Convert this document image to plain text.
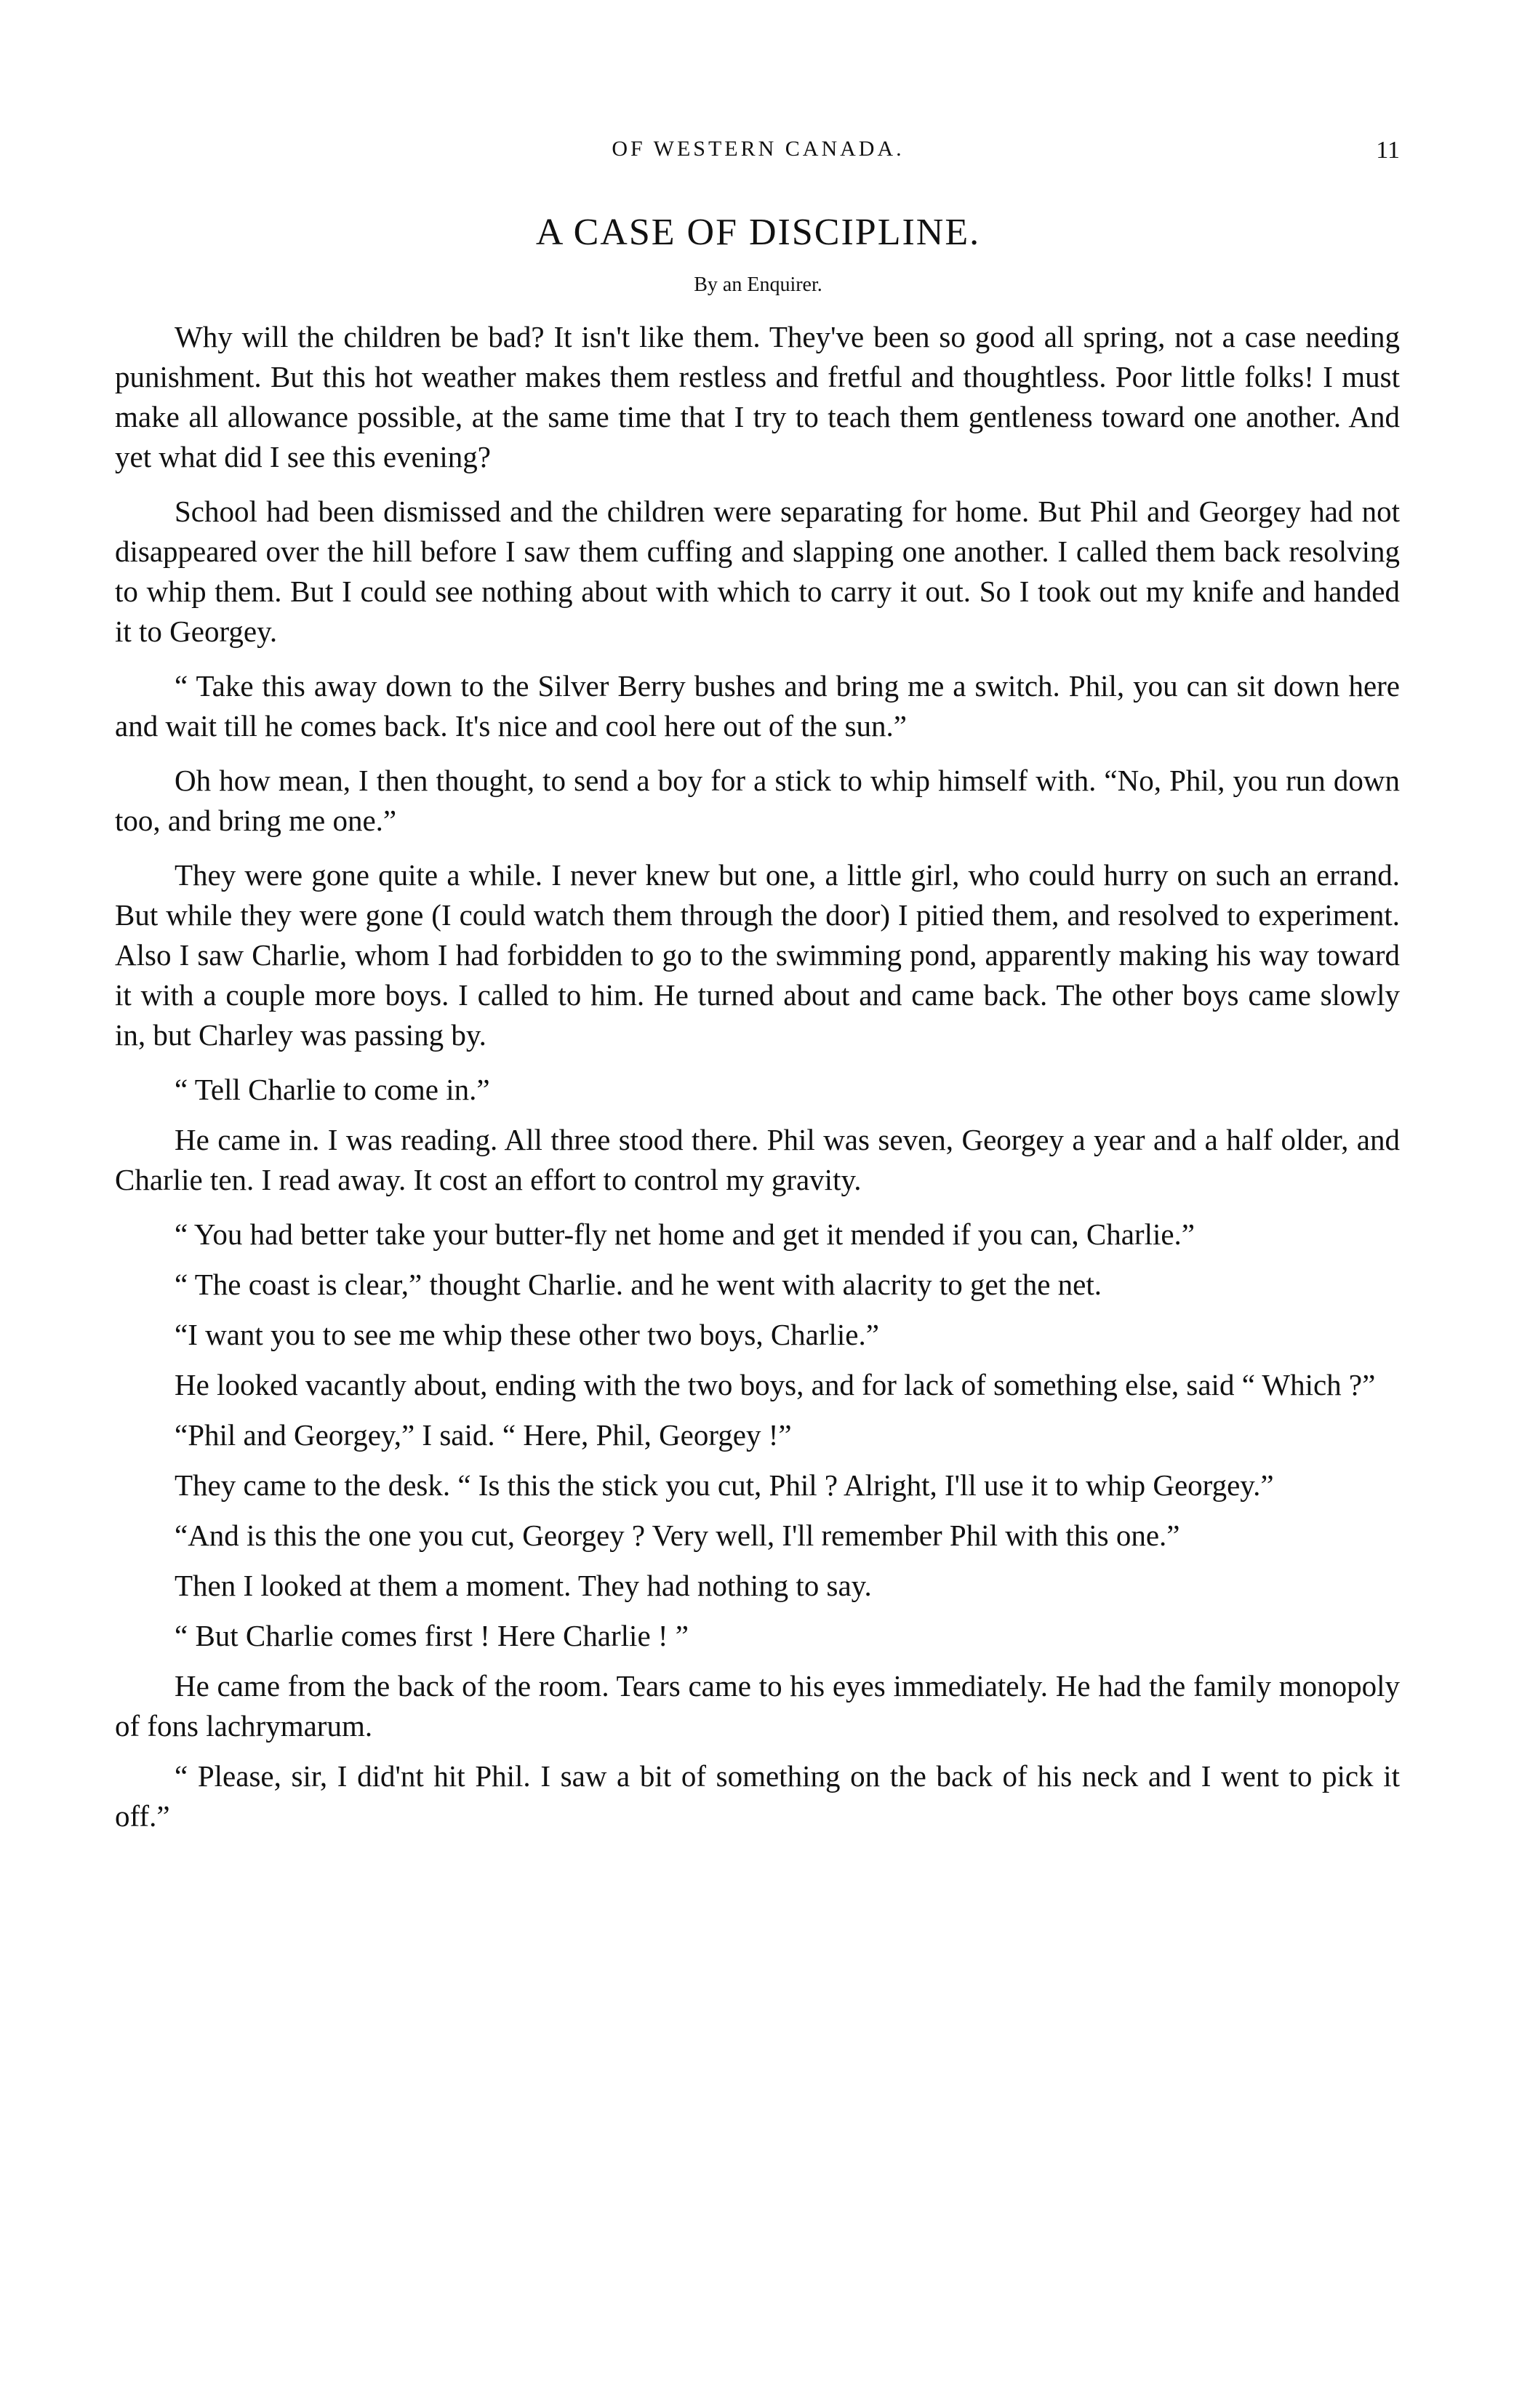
OF WESTERN CANADA.	11
A CASE OF DISCIPLINE.
By an Enquirer.

Why will the children be bad? It isn't like them. They've been so good all spring, not a case needing punishment. But this hot weather makes them restless and fretful and thoughtless. Poor little folks! I must make all allowance possible, at the same time that I try to teach them gentleness toward one another. And yet what did I see this evening?

School had been dismissed and the children were separating for home. But Phil and Georgey had not disappeared over the hill before I saw them cuffing and slapping one another. I called them back resolving to whip them. But I could see nothing about with which to carry it out. So I took out my knife and handed it to Georgey.

“ Take this away down to the Silver Berry bushes and bring me a switch. Phil, you can sit down here and wait till he comes back. It's nice and cool here out of the sun.”

Oh how mean, I then thought, to send a boy for a stick to whip himself with. “No, Phil, you run down too, and bring me one.”

They were gone quite a while. I never knew but one, a little girl, who could hurry on such an errand. But while they were gone (I could watch them through the door) I pitied them, and resolved to experiment. Also I saw Charlie, whom I had forbidden to go to the swimming pond, apparently making his way toward it with a couple more boys. I called to him. He turned about and came back. The other boys came slowly in, but Charley was passing by.

“ Tell Charlie to come in.”

He came in. I was reading. All three stood there. Phil was seven, Georgey a year and a half older, and Charlie ten. I read away. It cost an effort to control my gravity.

“ You had better take your butter-fly net home and get it mended if you can, Charlie.”

“ The coast is clear,” thought Charlie. and he went with alacrity to get the net.

“I want you to see me whip these other two boys, Charlie.”

He looked vacantly about, ending with the two boys, and for lack of something else, said “ Which ?”

“Phil and Georgey,” I said. “ Here, Phil, Georgey !”

They came to the desk. “ Is this the stick you cut, Phil ? Alright, I'll use it to whip Georgey.”

“And is this the one you cut, Georgey ? Very well, I'll remember Phil with this one.”

Then I looked at them a moment. They had nothing to say.

“ But Charlie comes first ! Here Charlie ! ”

He came from the back of the room. Tears came to his eyes immediately. He had the family monopoly of fons lachrymarum.

“ Please, sir, I did'nt hit Phil. I saw a bit of something on the back of his neck and I went to pick it off.”
